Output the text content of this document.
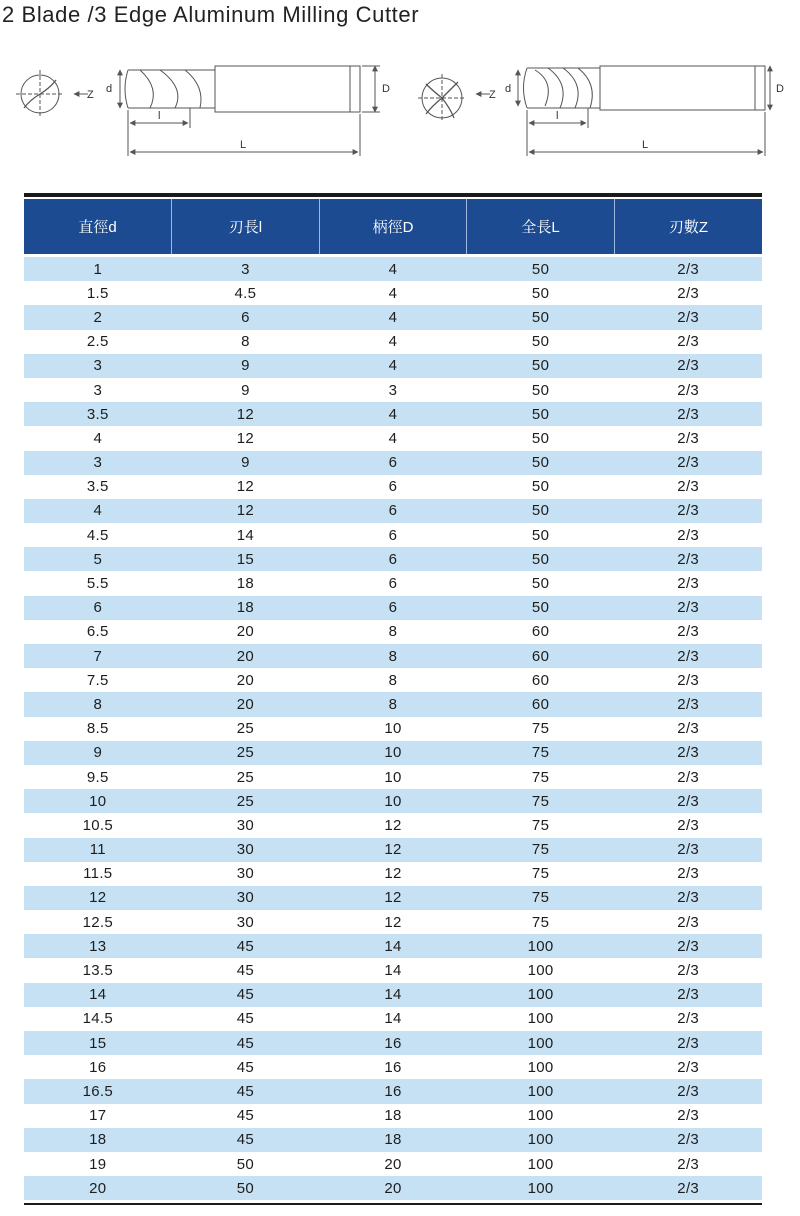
2 Blade /3 Edge Aluminum Milling Cutter
Z d	D
l
L
Z d	D
l
L
直徑d	刃長l	柄徑D	全長L	刃數Z

1	3	4	50	2/3
1.5	4.5	4	50	2/3
2	6	4	50	2/3
2.5	8	4	50	2/3
3	9	4	50	2/3
3	9	3	50	2/3
3.5	12	4	50	2/3
4	12	4	50	2/3
3	9	6	50	2/3
3.5	12	6	50	2/3
4	12	6	50	2/3
4.5	14	6	50	2/3
5	15	6	50	2/3
5.5	18	6	50	2/3
6	18	6	50	2/3
6.5	20	8	60	2/3
7	20	8	60	2/3
7.5	20	8	60	2/3
8	20	8	60	2/3
8.5	25	10	75	2/3
9	25	10	75	2/3
9.5	25	10	75	2/3
10	25	10	75	2/3
10.5	30	12	75	2/3
11	30	12	75	2/3
11.5	30	12	75	2/3
12	30	12	75	2/3
12.5	30	12	75	2/3
13	45	14	100	2/3
13.5	45	14	100	2/3
14	45	14	100	2/3
14.5	45	14	100	2/3
15	45	16	100	2/3
16	45	16	100	2/3
16.5	45	16	100	2/3
17	45	18	100	2/3
18	45	18	100	2/3
19	50	20	100	2/3
20	50	20	100	2/3
